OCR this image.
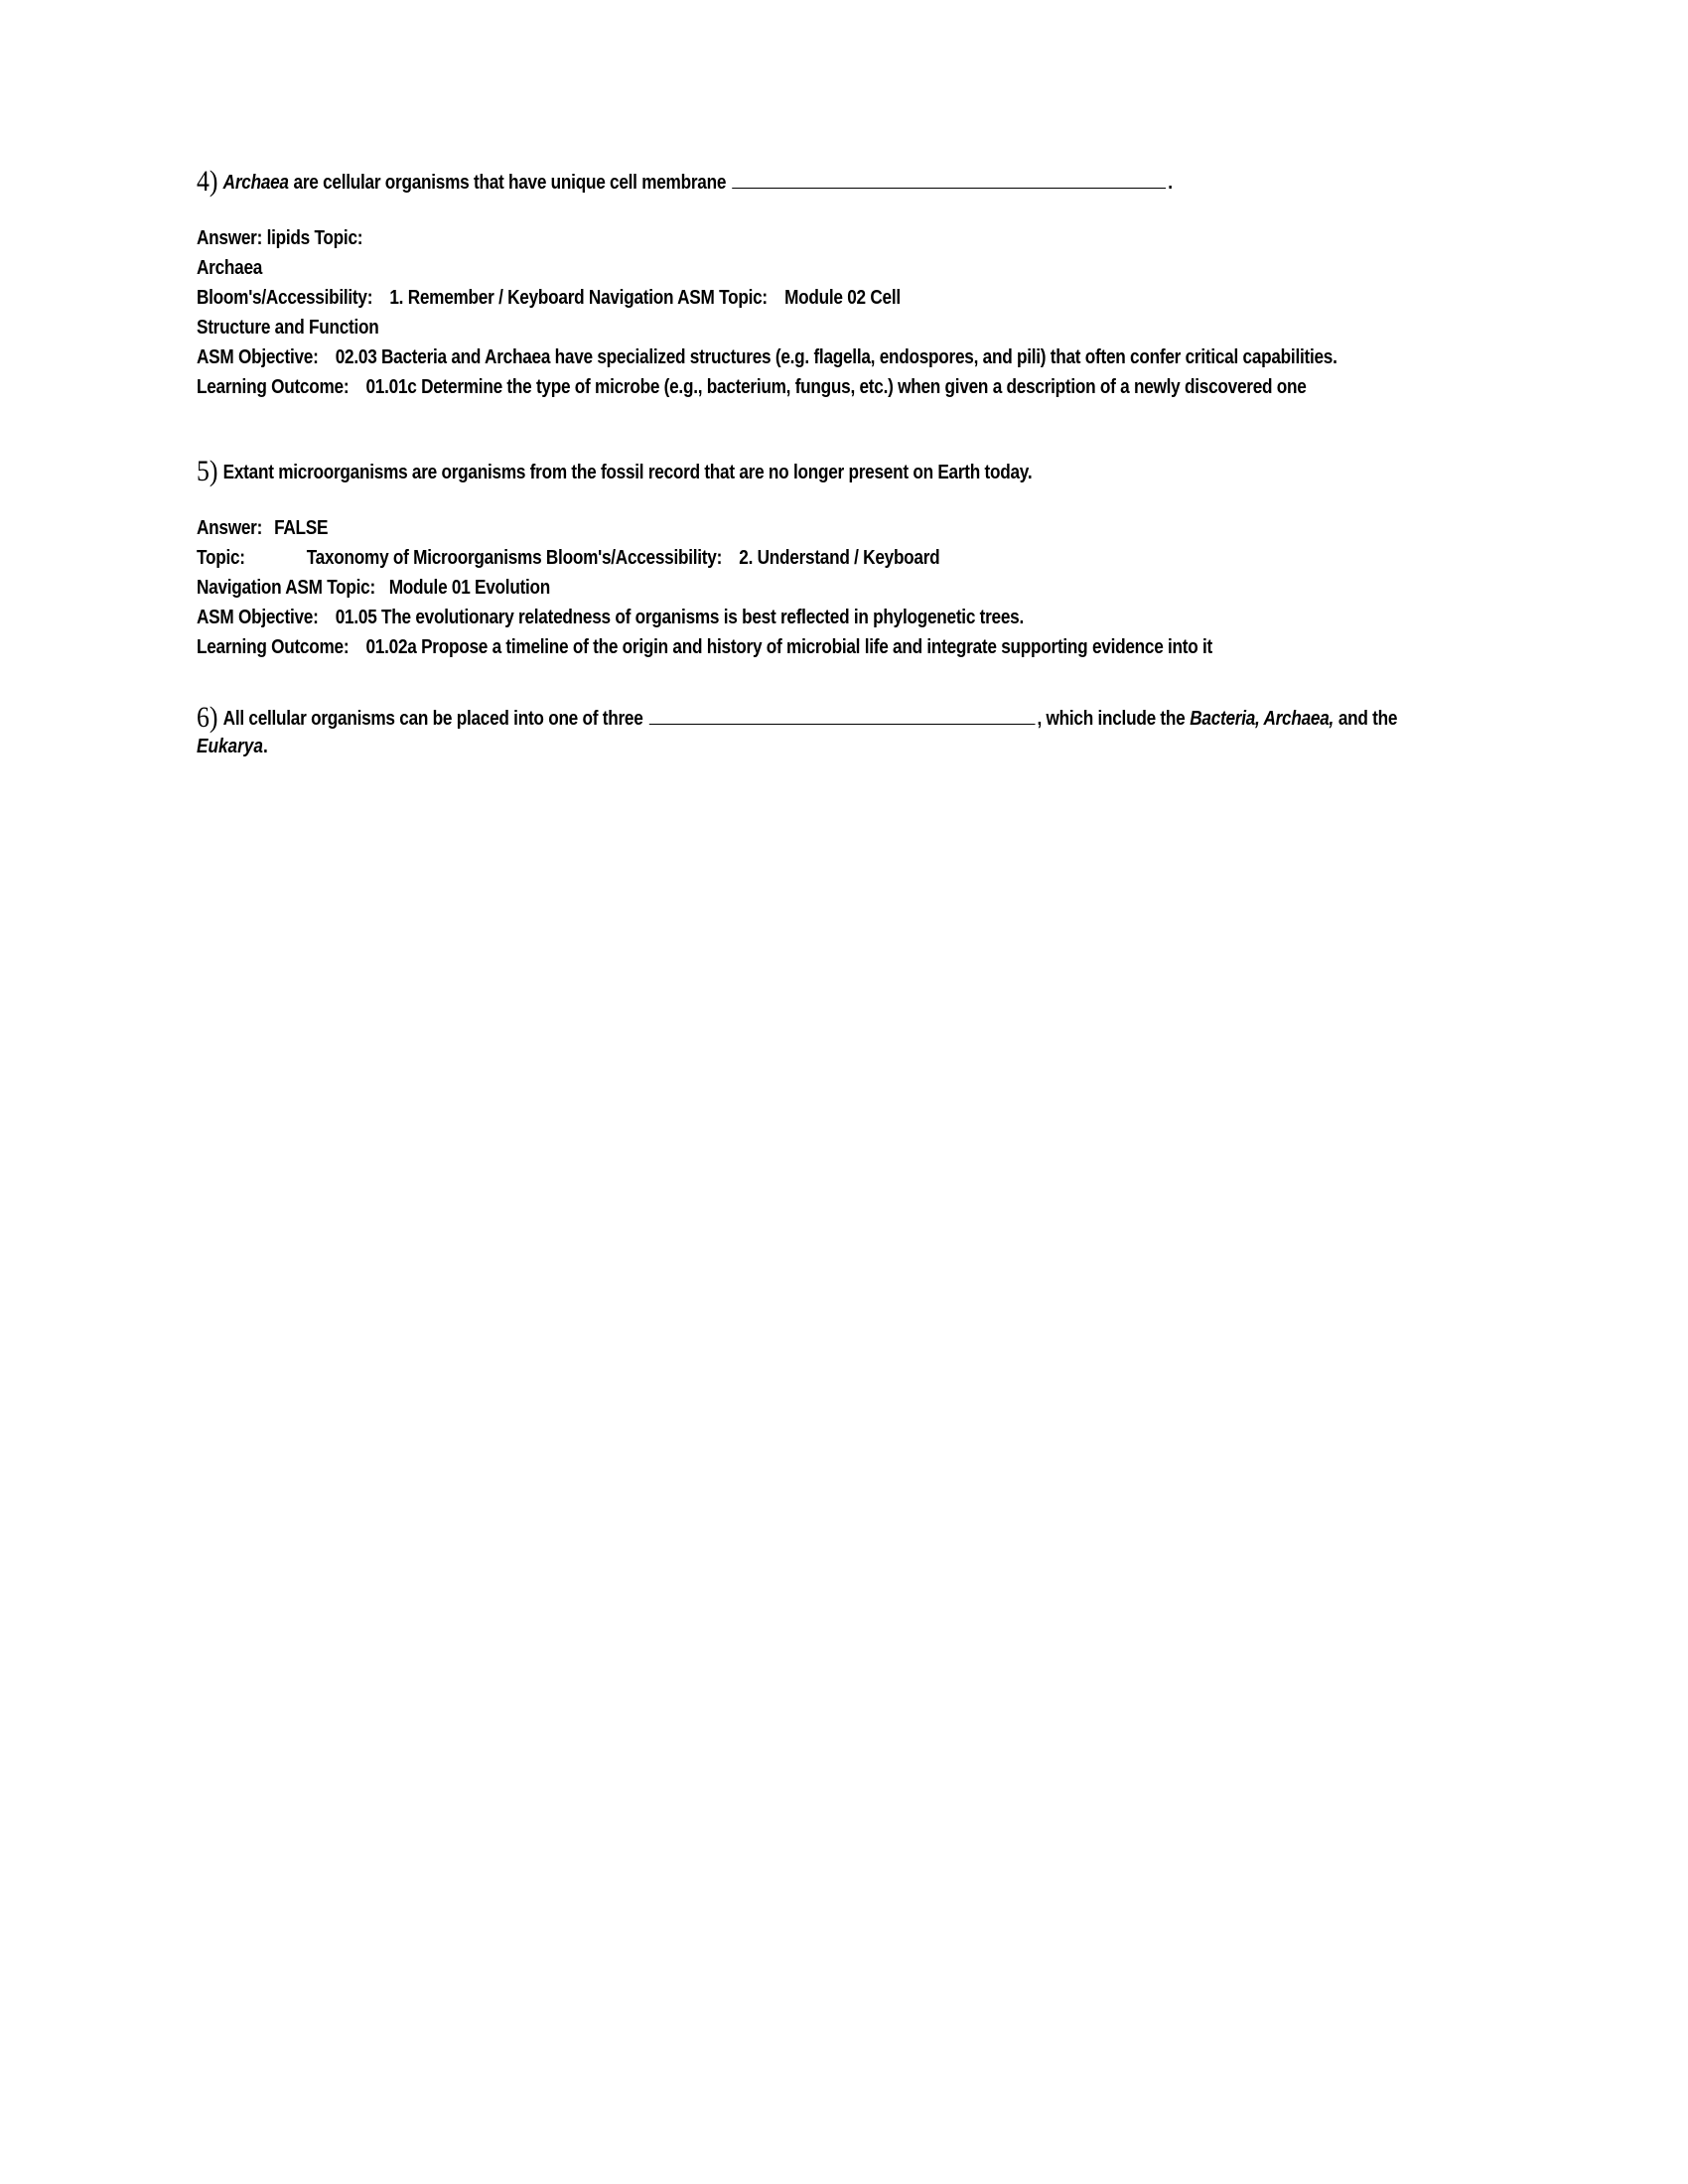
4) Archaea are cellular organisms that have unique cell membrane	.
Answer: lipids Topic:
Archaea
Bloom's/Accessibility: 1. Remember / Keyboard Navigation ASM Topic: Module 02 Cell
Structure and Function
ASM Objective: 02.03 Bacteria and Archaea have specialized structures (e.g. flagella, endospores, and pili) that often confer critical capabilities.
Learning Outcome: 01.01c Determine the type of microbe (e.g., bacterium, fungus, etc.) when given a description of a newly discovered one
5) Extant microorganisms are organisms from the fossil record that are no longer present on Earth today.
Answer: FALSE
Topic:	Taxonomy of Microorganisms Bloom's/Accessibility: 2. Understand / Keyboard
Navigation ASM Topic: Module 01 Evolution
ASM Objective: 01.05 The evolutionary relatedness of organisms is best reflected in phylogenetic trees.
Learning Outcome: 01.02a Propose a timeline of the origin and history of microbial life and integrate supporting evidence into it
6) All cellular organisms can be placed into one of three	, which include the Bacteria, Archaea, and the
Eukarya.
